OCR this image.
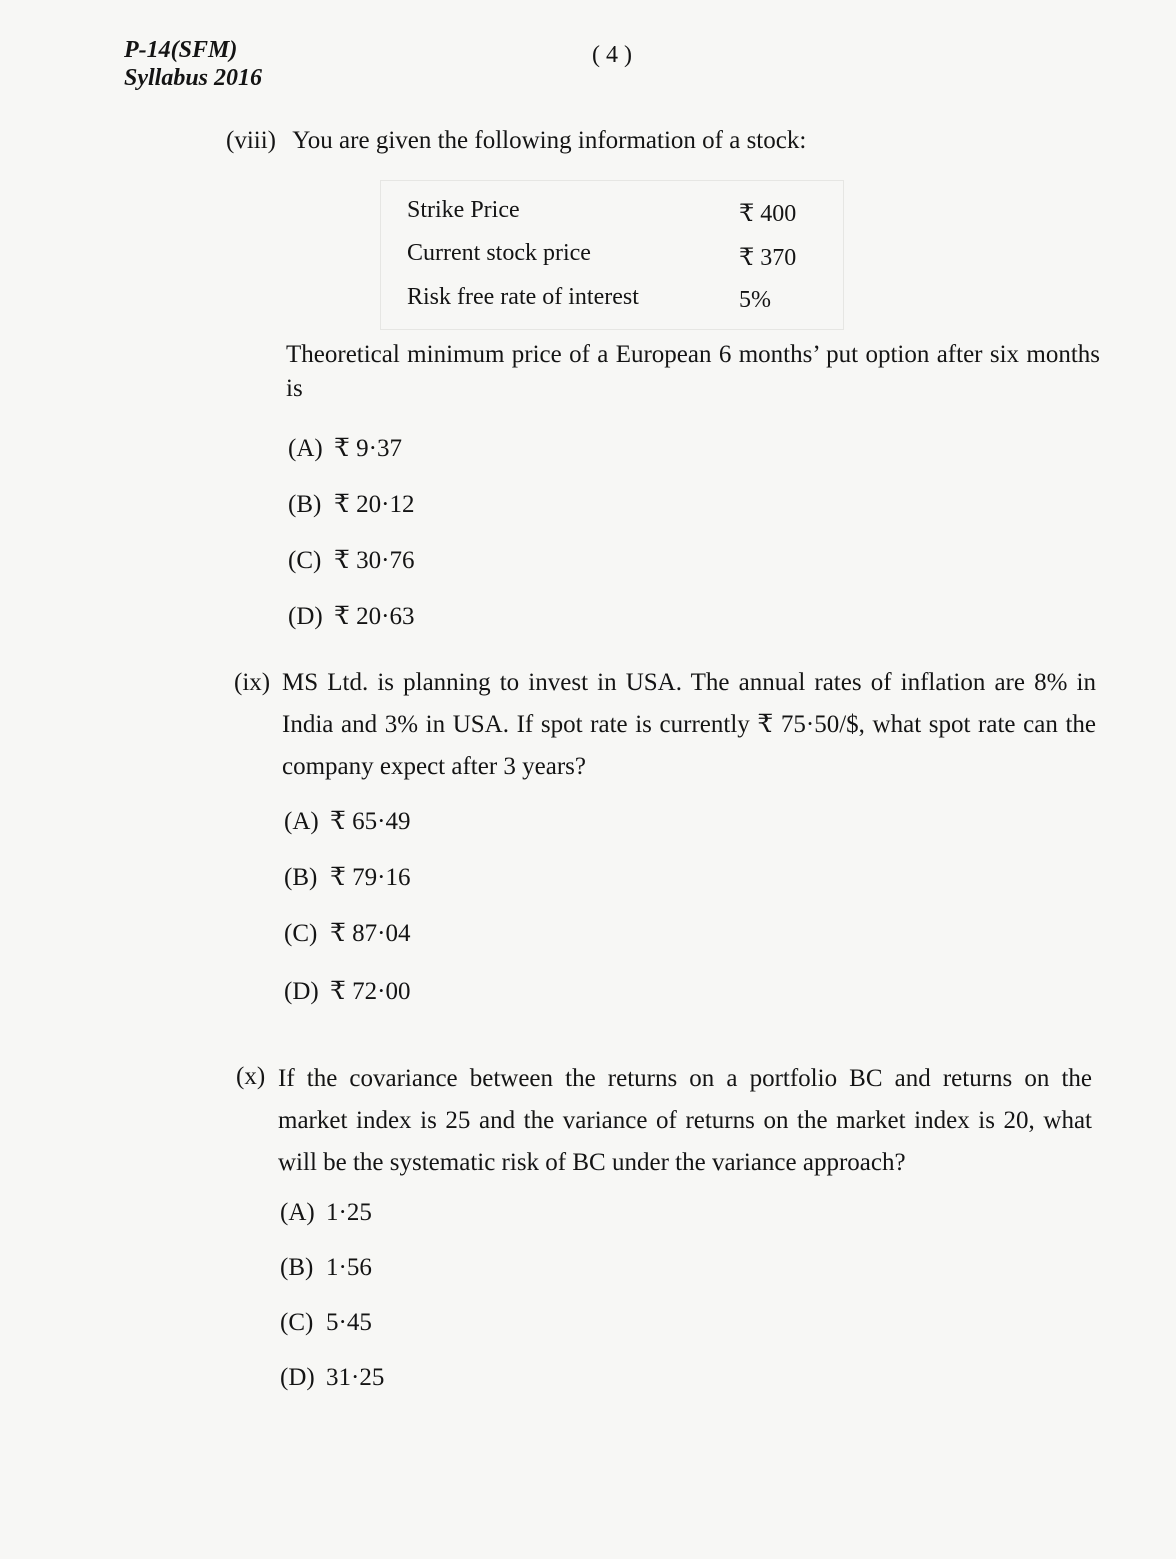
P-14(SFM)
Syllabus 2016
( 4 )
(viii) You are given the following information of a stock:
Strike Price	₹ 400
Current stock price	₹ 370
Risk free rate of interest	5%
Theoretical minimum price of a European 6 months’ put option after six months
is
(A) ₹ 9·37
(B) ₹ 20·12
(C) ₹ 30·76
(D) ₹ 20·63
(ix) MS Ltd. is planning to invest in USA. The annual rates of inflation are 8% in
India and 3% in USA. If spot rate is currently ₹ 75·50/$, what spot rate can the
company expect after 3 years?
(A) ₹ 65·49
(B) ₹ 79·16
(C) ₹ 87·04
(D) ₹ 72·00
(x) If the covariance between the returns on a portfolio BC and returns on the
market index is 25 and the variance of returns on the market index is 20, what
will be the systematic risk of BC under the variance approach?
(A) 1·25
(B) 1·56
(C) 5·45
(D) 31·25
